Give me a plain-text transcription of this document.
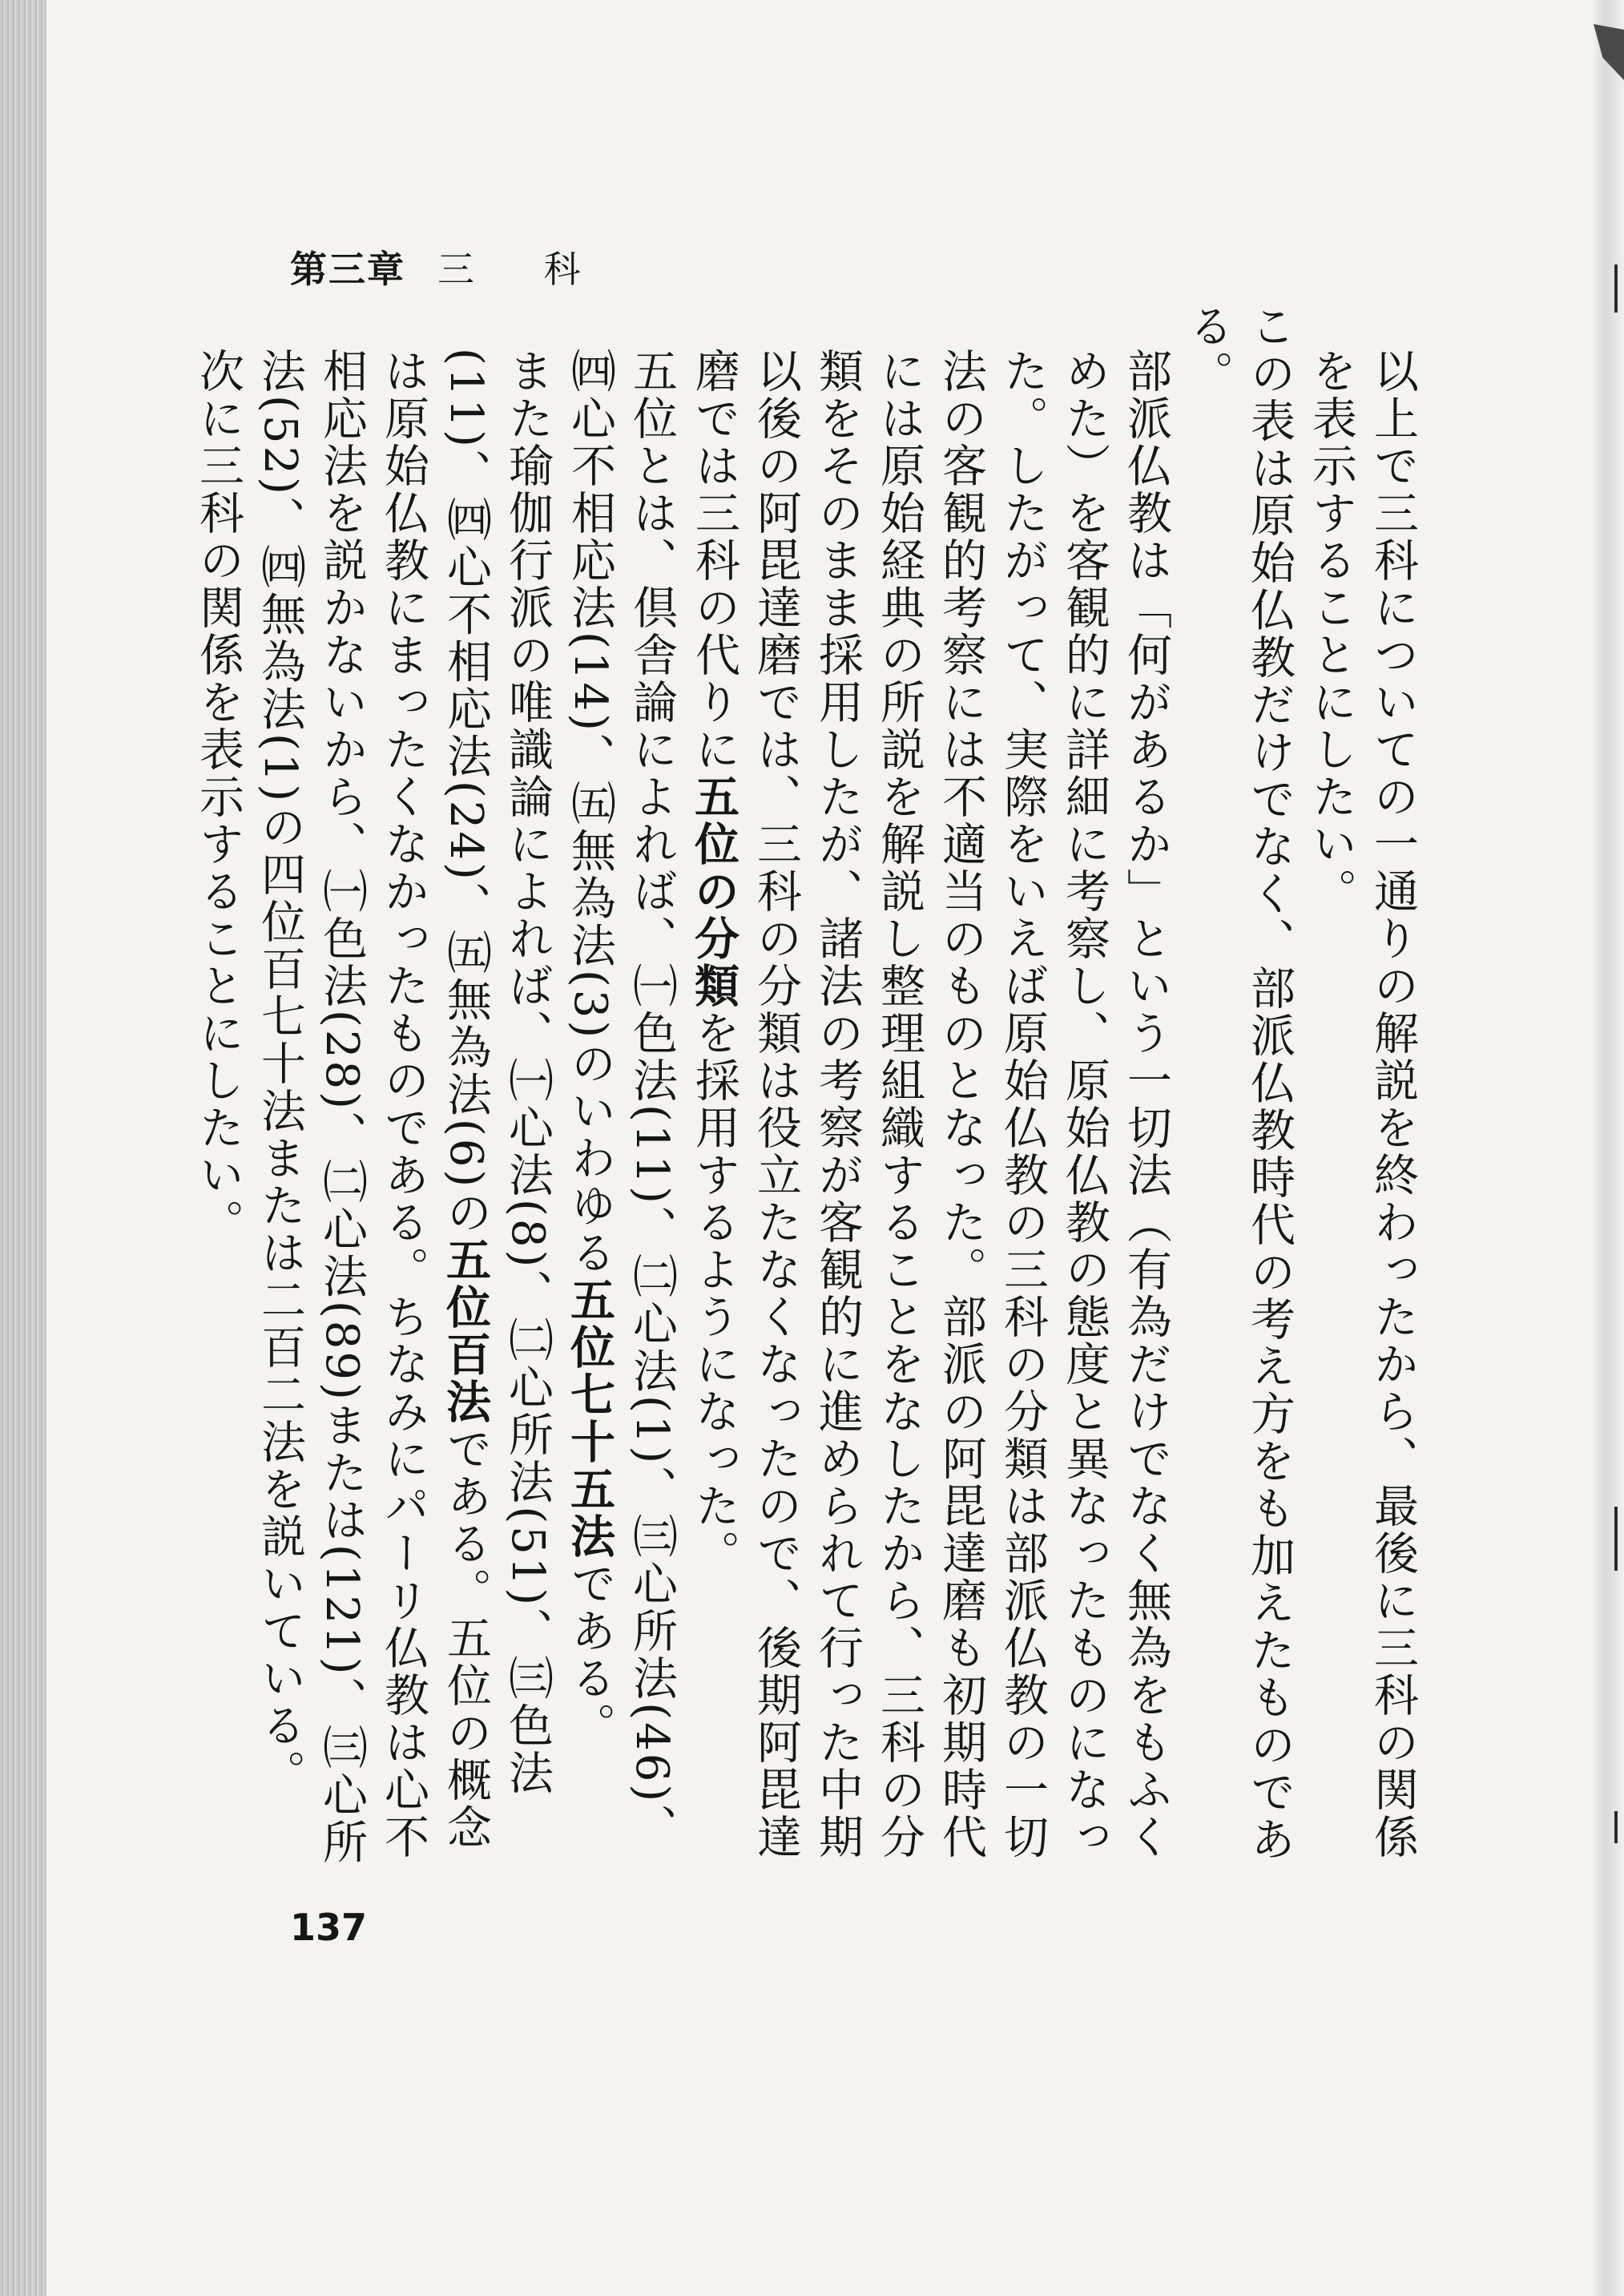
第三章 三 科

以上で三科についての一通りの解説を終わったから、最後に三科の関係を表示することにしたい。

この表は原始仏教だけでなく、部派仏教時代の考え方をも加えたものである。

部派仏教は「何があるか」という一切法（有為だけでなく無為をもふくめた）を客観的に詳細に考察し、原始仏教の態度と異なったものになった。したがって、実際をいえば原始仏教の三科の分類は部派仏教の一切法の客観的考察には不適当のものとなった。部派の阿毘達磨も初期時代には原始経典の所説を解説し整理組織することをなしたから、三科の分類をそのまま採用したが、諸法の考察が客観的に進められて行った中期以後の阿毘達磨では、三科の分類は役立たなくなったので、後期阿毘達磨では三科の代りに五位の分類を採用するようになった。

五位とは、倶舎論によれば、㈠色法(11)、㈡心法(1)、㈢心所法(46)、㈣心不相応法(14)、㈤無為法(3)のいわゆる五位七十五法である。

また瑜伽行派の唯識論によれば、㈠心法(8)、㈡心所法(51)、㈢色法(11)、㈣心不相応法(24)、㈤無為法(6)の五位百法である。五位の概念は原始仏教にまったくなかったものである。ちなみにパーリ仏教は心不相応法を説かないから、㈠色法(28)、㈡心法(89)または(121)、㈢心所法(52)、㈣無為法(1)の四位百七十法または二百二法を説いている。

次に三科の関係を表示することにしたい。

137
